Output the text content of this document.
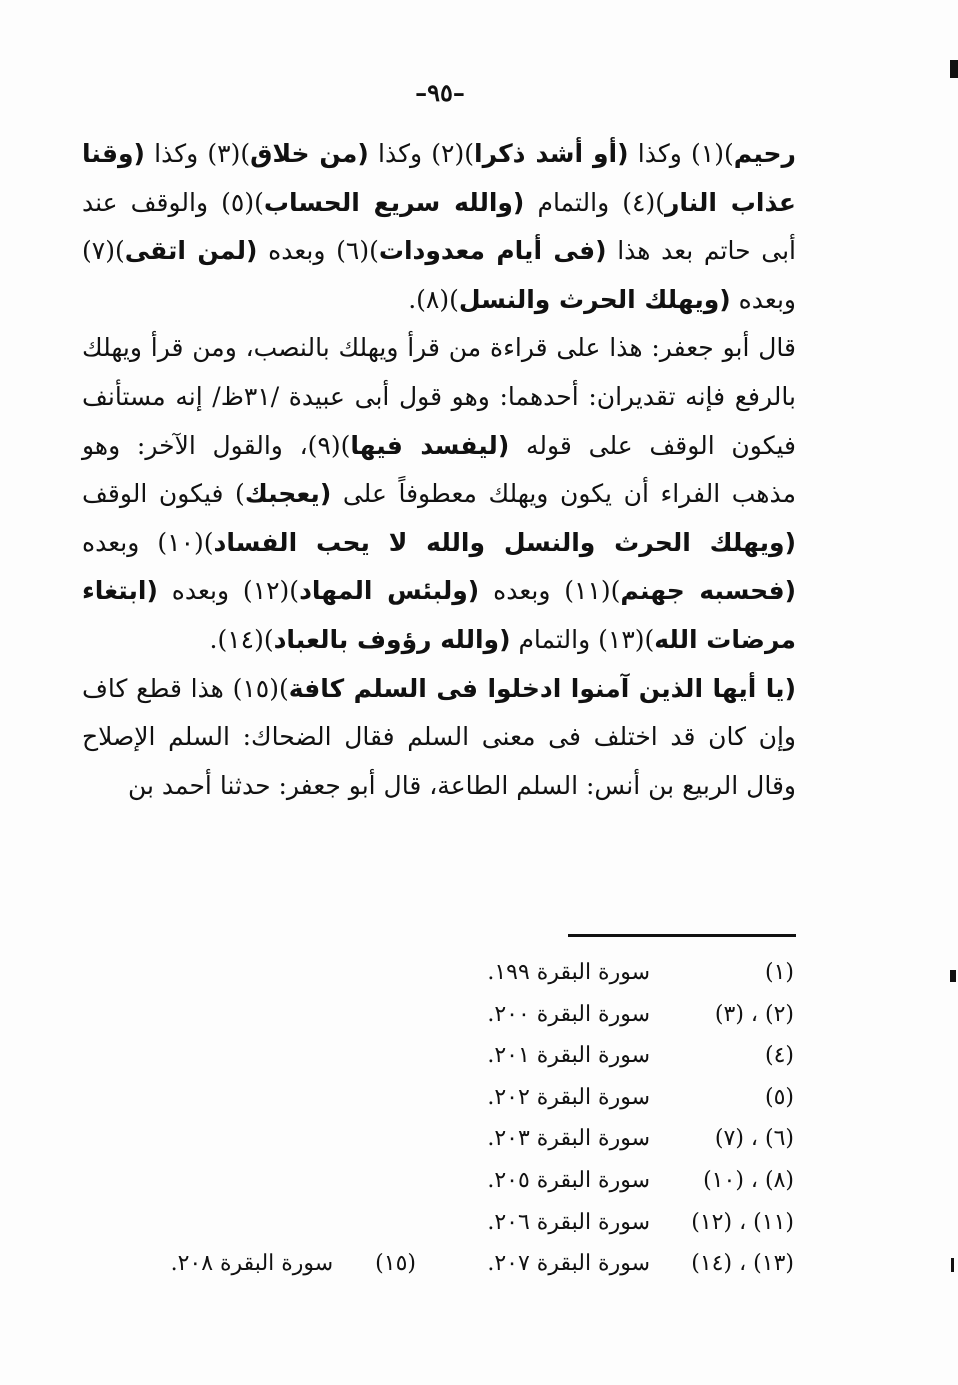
–٩٥–

رحيم)(١) وكذا (أو أشد ذكرا)(٢) وكذا (من خلاق)(٣) وكذا (وقنا عذاب النار)(٤) والتمام (والله سريع الحساب)(٥) والوقف عند أبى حاتم بعد هذا (فى أيام معدودات)(٦) وبعده (لمن اتقى)(٧) وبعده (ويهلك الحرث والنسل)(٨).

قال أبو جعفر: هذا على قراءة من قرأ ويهلك بالنصب، ومن قرأ ويهلك بالرفع فإنه تقديران: أحدهما: وهو قول أبى عبيدة /٣١ظ/ إنه مستأنف فيكون الوقف على قوله (ليفسد فيها)(٩)، والقول الآخر: وهو مذهب الفراء أن يكون ويهلك معطوفاً على (يعجبك) فيكون الوقف (ويهلك الحرث والنسل والله لا يحب الفساد)(١٠) وبعده (فحسبه جهنم)(١١) وبعده (ولبئس المهاد)(١٢) وبعده (ابتغاء مرضات الله)(١٣) والتمام (والله رؤوف بالعباد)(١٤).

(يا أيها الذين آمنوا ادخلوا فى السلم كافة)(١٥) هذا قطع كاف وإن كان قد اختلف فى معنى السلم فقال الضحاك: السلم الإصلاح وقال الربيع بن أنس: السلم الطاعة، قال أبو جعفر: حدثنا أحمد بن

(١)
سورة البقرة ١٩٩.
(٢) ، (٣)
سورة البقرة ٢٠٠.
(٤)
سورة البقرة ٢٠١.
(٥)
سورة البقرة ٢٠٢.
(٦) ، (٧)
سورة البقرة ٢٠٣.
(٨) ، (١٠)
سورة البقرة ٢٠٥.
(١١) ، (١٢)
سورة البقرة ٢٠٦.
(١٣) ، (١٤)
سورة البقرة ٢٠٧.
(١٥)      سورة البقرة ٢٠٨.
